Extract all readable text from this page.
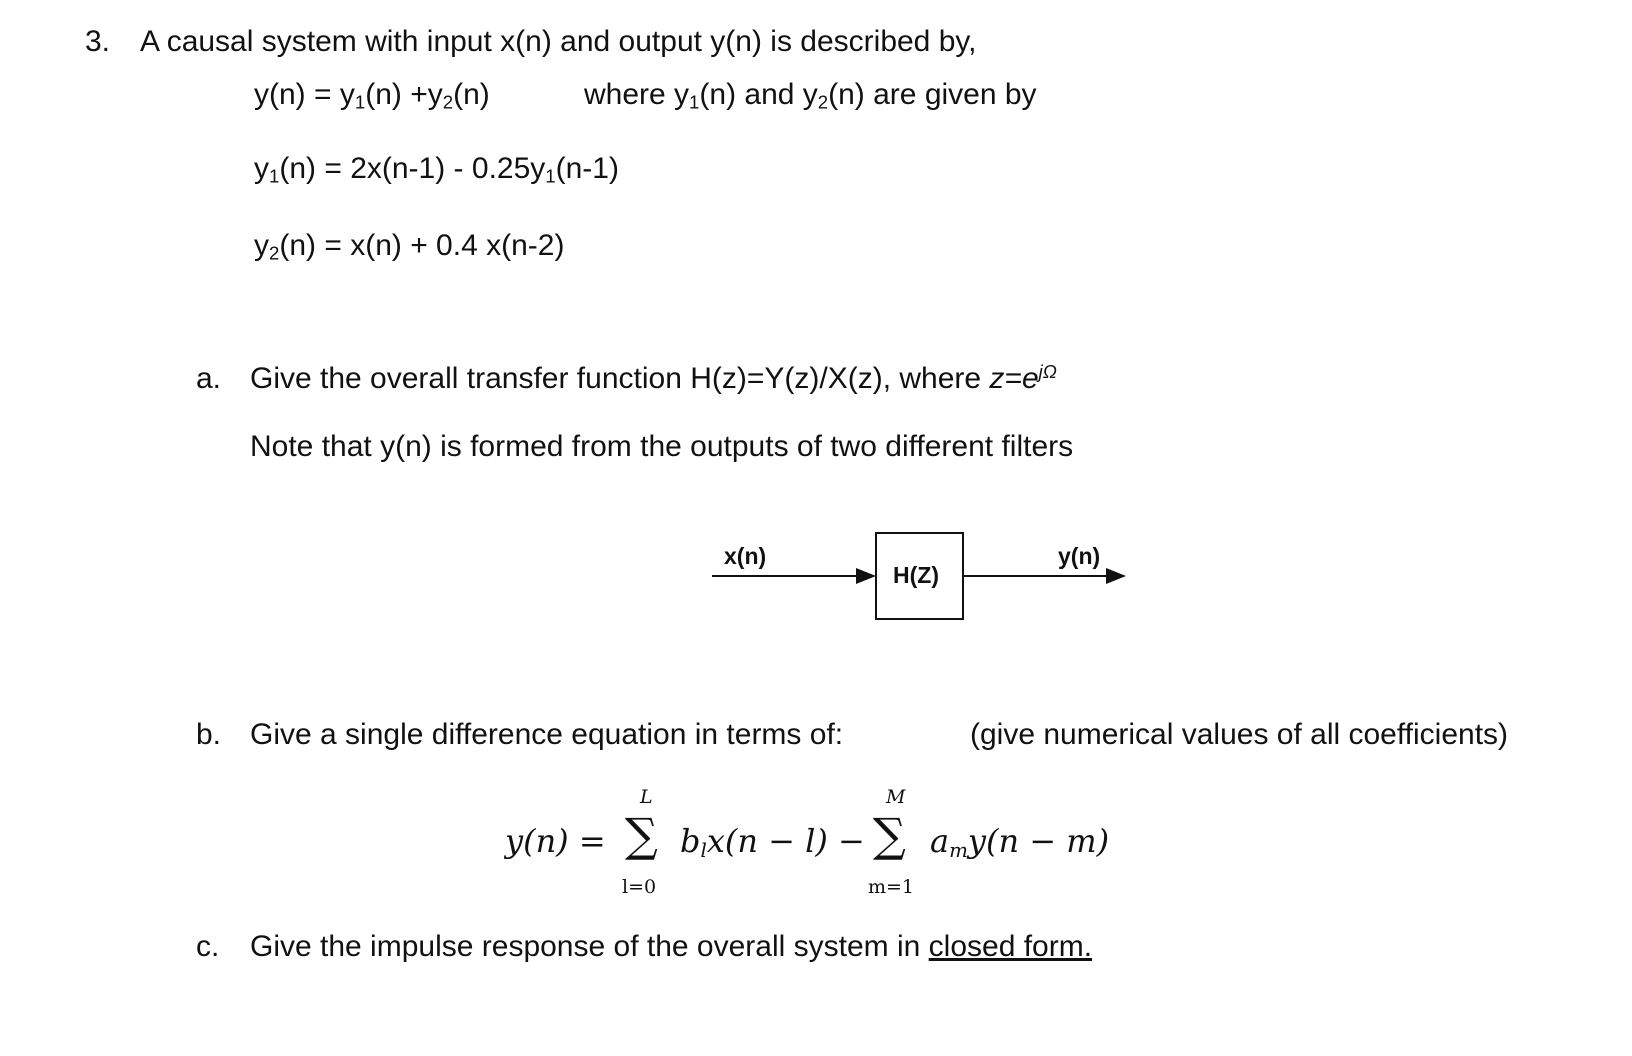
3. A causal system with input x(n) and output y(n) is described by,
$y(n) = y_1(n) +y_2(n)$	where $y_1(n)$ and $y_2(n)$ are given by
$y_1(n) = 2x(n-1) - 0.25y_1(n-1)$
$y_2(n) = x(n) + 0.4$ x(n-2)
a. Give the overall transfer function H(z)=Y(z)/X(z), where $z=e^{j\Omega}$
Note that y(n) is formed from the outputs of two different filters
x(n)
H(Z)
y(n)
b. Give a single difference equation in terms of:	(give numerical values of all coefficients)
y(n) =
L
∑
l=0
$b_lx(n - l)$ −
M
∑
m=1
$a_my(n - m)$
c. Give the impulse response of the overall system in closed form.
